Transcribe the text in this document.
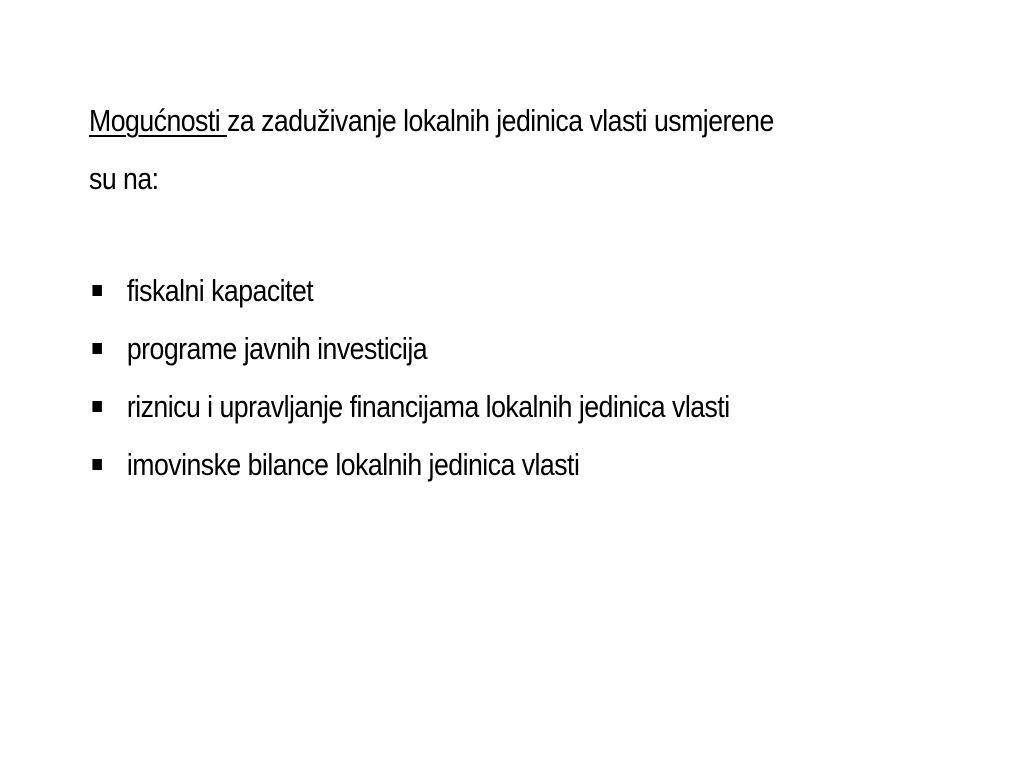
Mogućnosti za zaduživanje lokalnih jedinica vlasti usmjerene
su na:
fiskalni kapacitet
programe javnih investicija
riznicu i upravljanje financijama lokalnih jedinica vlasti
imovinske bilance lokalnih jedinica vlasti
